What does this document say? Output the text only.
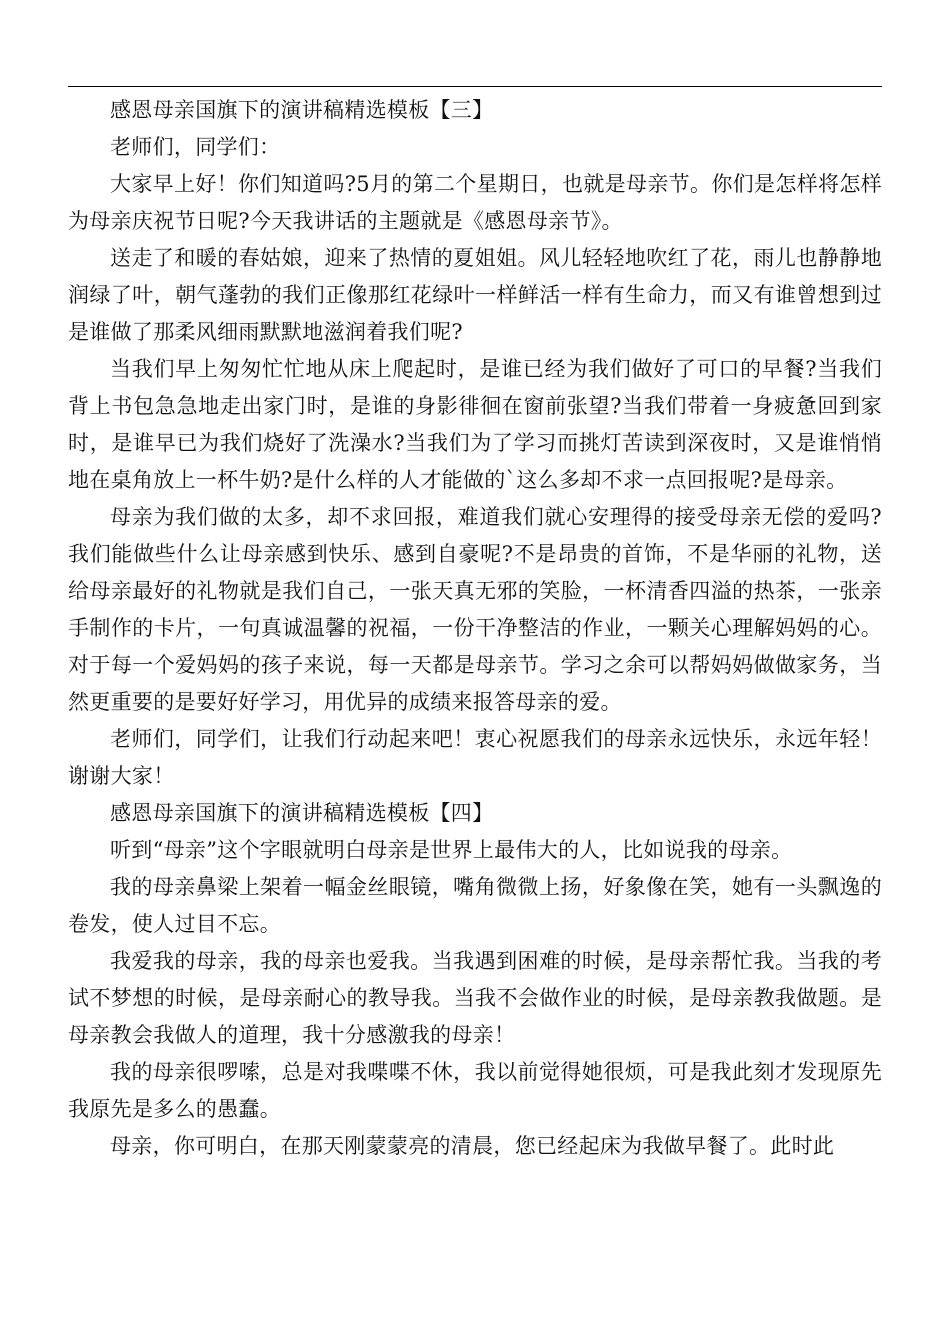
感恩母亲国旗下的演讲稿精选模板【三】

老师们，同学们：

大家早上好！你们知道吗?5月的第二个星期日，也就是母亲节。你们是怎样将怎样为母亲庆祝节日呢?今天我讲话的主题就是《感恩母亲节》。

送走了和暖的春姑娘，迎来了热情的夏姐姐。风儿轻轻地吹红了花，雨儿也静静地润绿了叶，朝气蓬勃的我们正像那红花绿叶一样鲜活一样有生命力，而又有谁曾想到过是谁做了那柔风细雨默默地滋润着我们呢?

当我们早上匆匆忙忙地从床上爬起时，是谁已经为我们做好了可口的早餐?当我们背上书包急急地走出家门时，是谁的身影徘徊在窗前张望?当我们带着一身疲惫回到家时，是谁早已为我们烧好了洗澡水?当我们为了学习而挑灯苦读到深夜时，又是谁悄悄地在桌角放上一杯牛奶?是什么样的人才能做的`这么多却不求一点回报呢?是母亲。

母亲为我们做的太多，却不求回报，难道我们就心安理得的接受母亲无偿的爱吗?我们能做些什么让母亲感到快乐、感到自豪呢?不是昂贵的首饰，不是华丽的礼物，送给母亲最好的礼物就是我们自己，一张天真无邪的笑脸，一杯清香四溢的热茶，一张亲手制作的卡片，一句真诚温馨的祝福，一份干净整洁的作业，一颗关心理解妈妈的心。对于每一个爱妈妈的孩子来说，每一天都是母亲节。学习之余可以帮妈妈做做家务，当然更重要的是要好好学习，用优异的成绩来报答母亲的爱。

老师们，同学们，让我们行动起来吧！衷心祝愿我们的母亲永远快乐，永远年轻！谢谢大家！

感恩母亲国旗下的演讲稿精选模板【四】

听到“母亲”这个字眼就明白母亲是世界上最伟大的人，比如说我的母亲。

我的母亲鼻梁上架着一幅金丝眼镜，嘴角微微上扬，好象像在笑，她有一头飘逸的卷发，使人过目不忘。

我爱我的母亲，我的母亲也爱我。当我遇到困难的时候，是母亲帮忙我。当我的考试不梦想的时候，是母亲耐心的教导我。当我不会做作业的时候，是母亲教我做题。是母亲教会我做人的道理，我十分感激我的母亲！

我的母亲很啰嗦，总是对我喋喋不休，我以前觉得她很烦，可是我此刻才发现原先我原先是多么的愚蠢。

母亲，你可明白，在那天刚蒙蒙亮的清晨，您已经起床为我做早餐了。此时此
